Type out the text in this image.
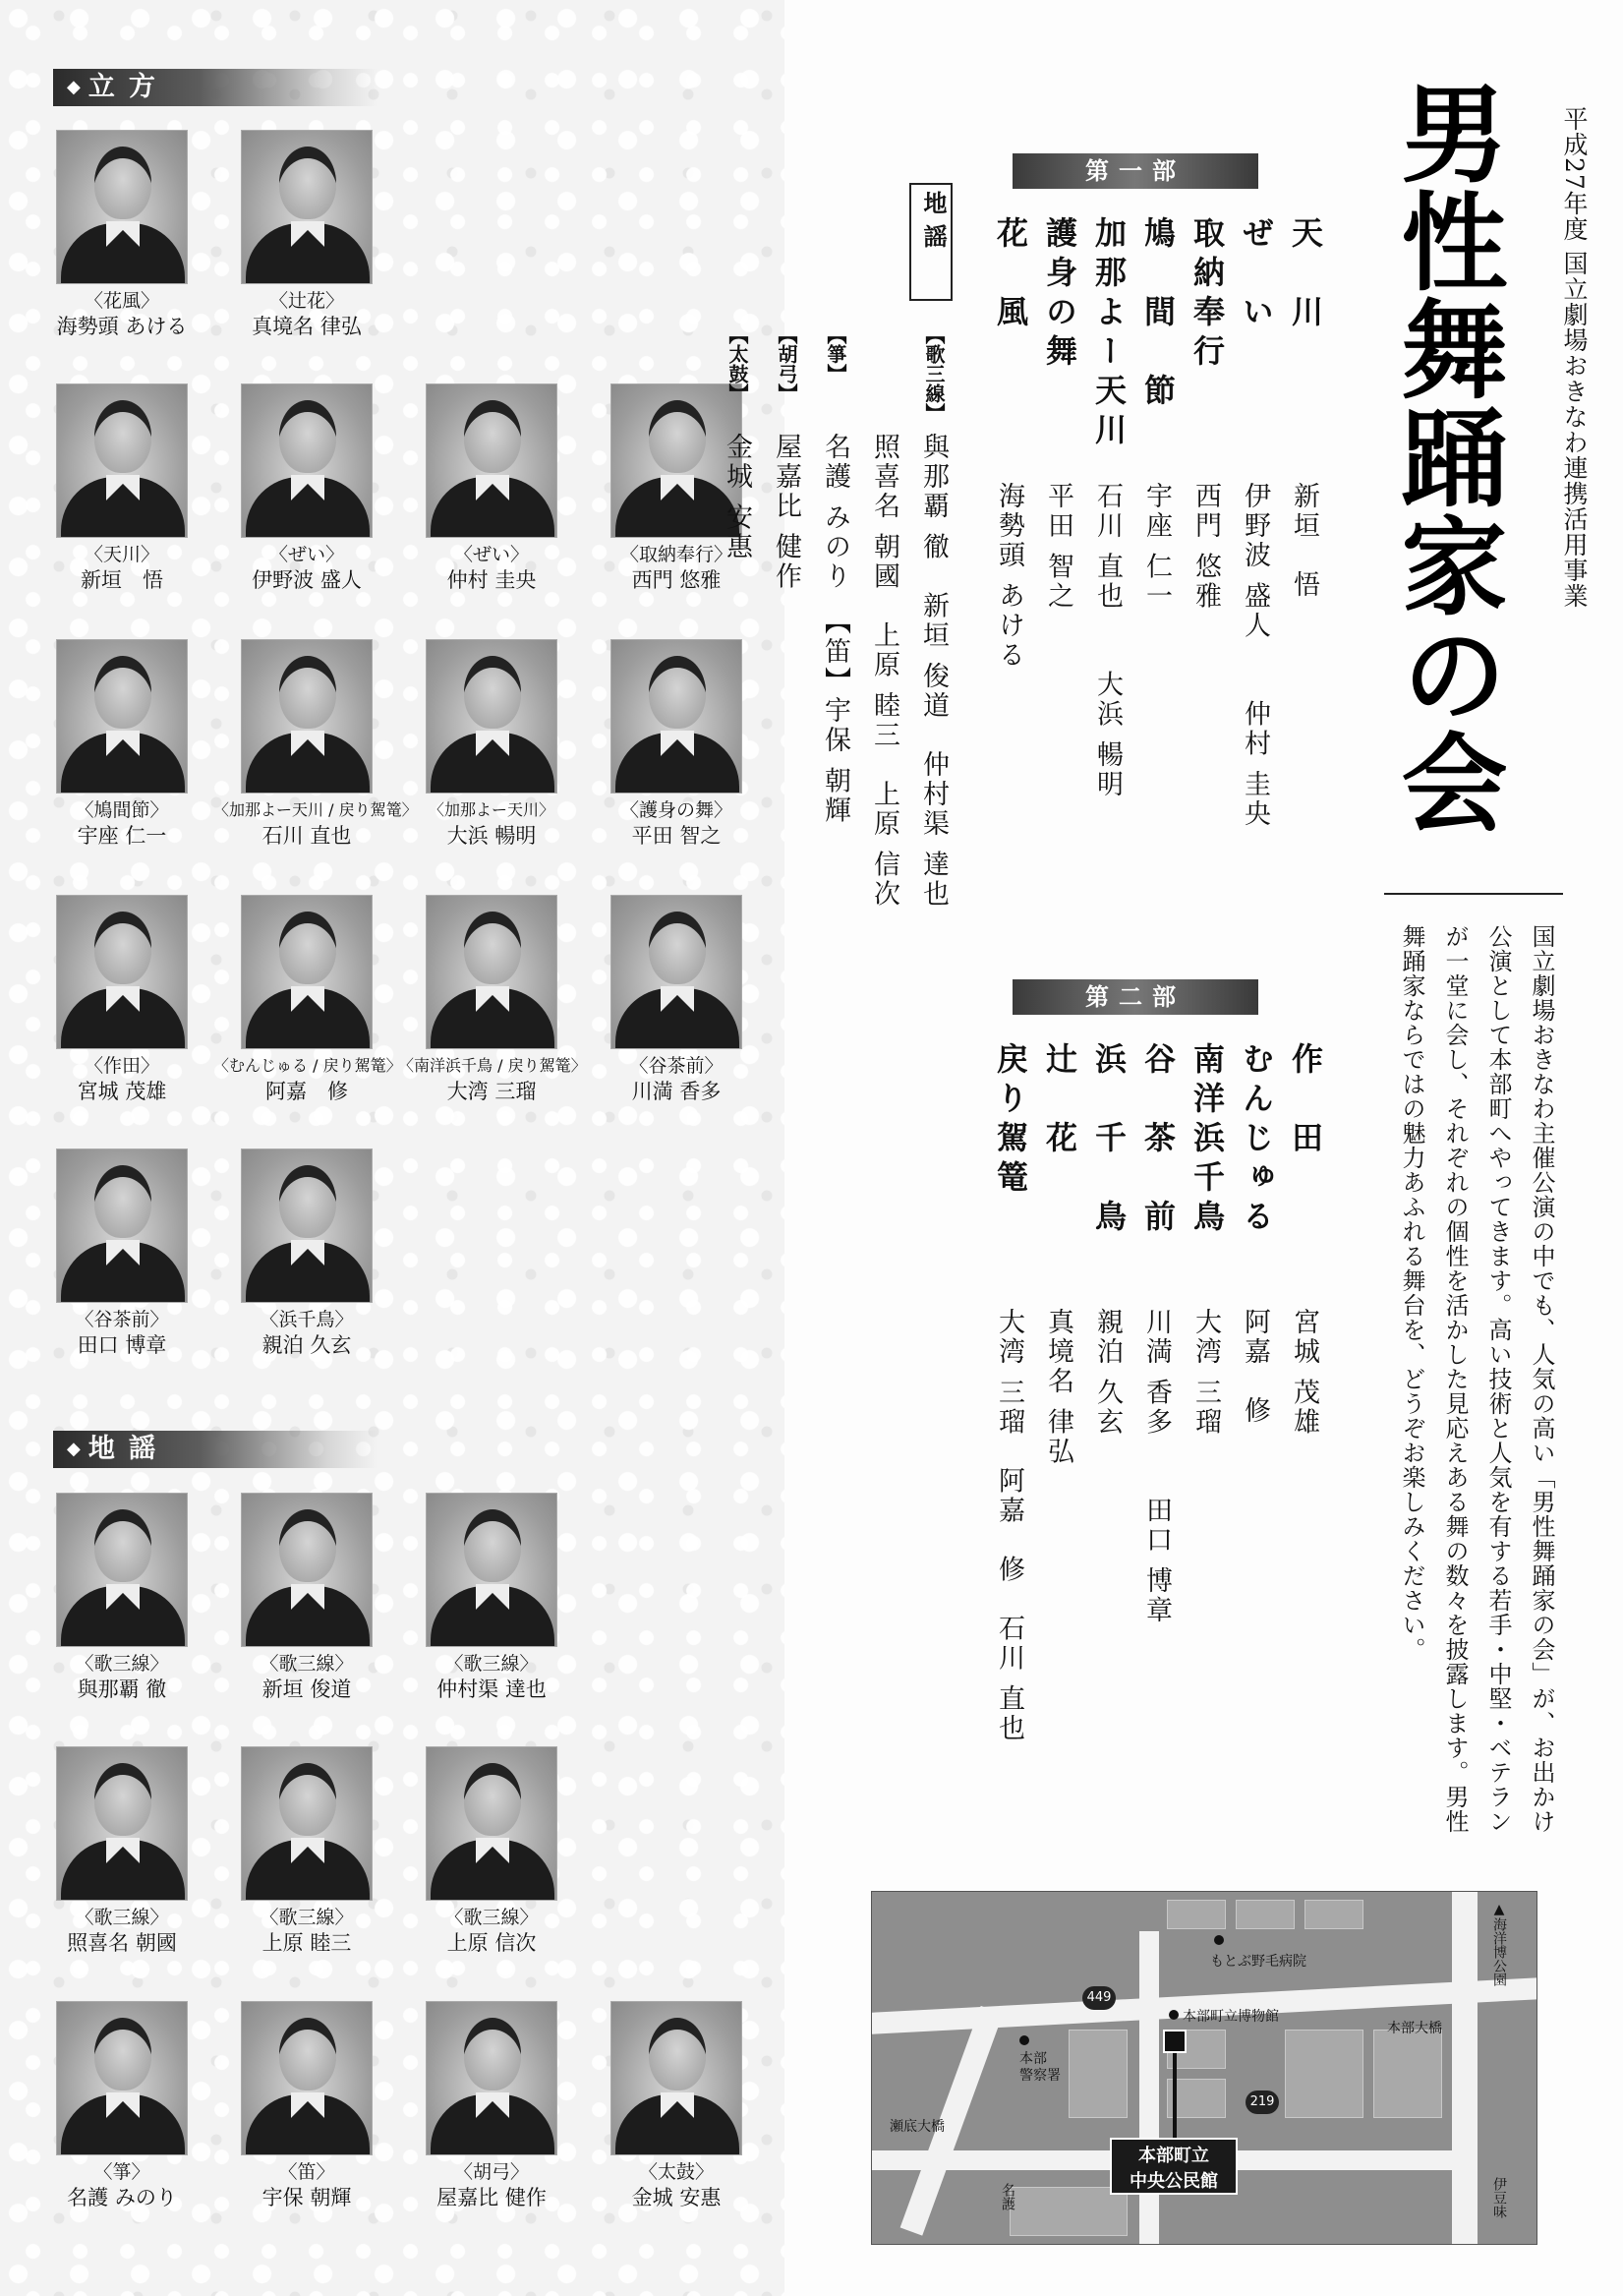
◆ 立方
〈花風〉
海勢頭 あける
〈辻花〉
真境名 律弘
〈天川〉
新垣　悟
〈ぜい〉
伊野波 盛人
〈ぜい〉
仲村 圭央
〈取納奉行〉
西門 悠雅
〈鳩間節〉
宇座 仁一
〈加那よー天川 / 戻り駕篭〉
石川 直也
〈加那よー天川〉
大浜 暢明
〈護身の舞〉
平田 智之
〈作田〉
宮城 茂雄
〈むんじゅる / 戻り駕篭〉
阿嘉　修
〈南洋浜千鳥 / 戻り駕篭〉
大湾 三瑠
〈谷茶前〉
川満 香多
〈谷茶前〉
田口 博章
〈浜千鳥〉
親泊 久玄
◆ 地謡
〈歌三線〉
與那覇 徹
〈歌三線〉
新垣 俊道
〈歌三線〉
仲村渠 達也
〈歌三線〉
照喜名 朝國
〈歌三線〉
上原 睦三
〈歌三線〉
上原 信次
〈箏〉
名護 みのり
〈笛〉
宇保 朝輝
〈胡弓〉
屋嘉比 健作
〈太鼓〉
金城 安惠
平成27年度 国立劇場おきなわ連携活用事業
男性舞踊家の会
第一部
天　川
新垣　悟
ぜ　い
伊野波 盛人　　仲村 圭央
取納奉行
西門 悠雅
鳩　間　節
宇座 仁一
加那よー天川
石川 直也　　大浜 暢明
護身の舞
平田 智之
花　風
海勢頭 あける
地謡
【歌三線】
與那覇 徹　新垣 俊道　仲村渠 達也
照喜名 朝國　上原 睦三　上原 信次
【箏】
名護 みのり　【笛】宇保 朝輝
【胡弓】
屋嘉比 健作
【太鼓】
金城 安惠
国立劇場おきなわ主催公演の中でも、人気の高い「男性舞踊家の会」が、お出かけ
公演として本部町へやってきます。高い技術と人気を有する若手・中堅・ベテラン
が一堂に会し、それぞれの個性を活かした見応えある舞の数々を披露します。男性
舞踊家ならではの魅力あふれる舞台を、どうぞお楽しみください。
第二部
作　田
宮城 茂雄
むんじゅる
阿嘉　修
南洋浜千鳥
大湾 三瑠
谷　茶　前
川満 香多　　田口 博章
浜　千　鳥
親泊 久玄
辻　花
真境名 律弘
戻り駕篭
大湾 三瑠　阿嘉　修　石川 直也
本部町立
中央公民館
もとぶ野毛病院
本部町立博物館
本部
警察署
449
219
瀬底大橋
本部大橋
▲海洋博公園
伊豆味
名護
